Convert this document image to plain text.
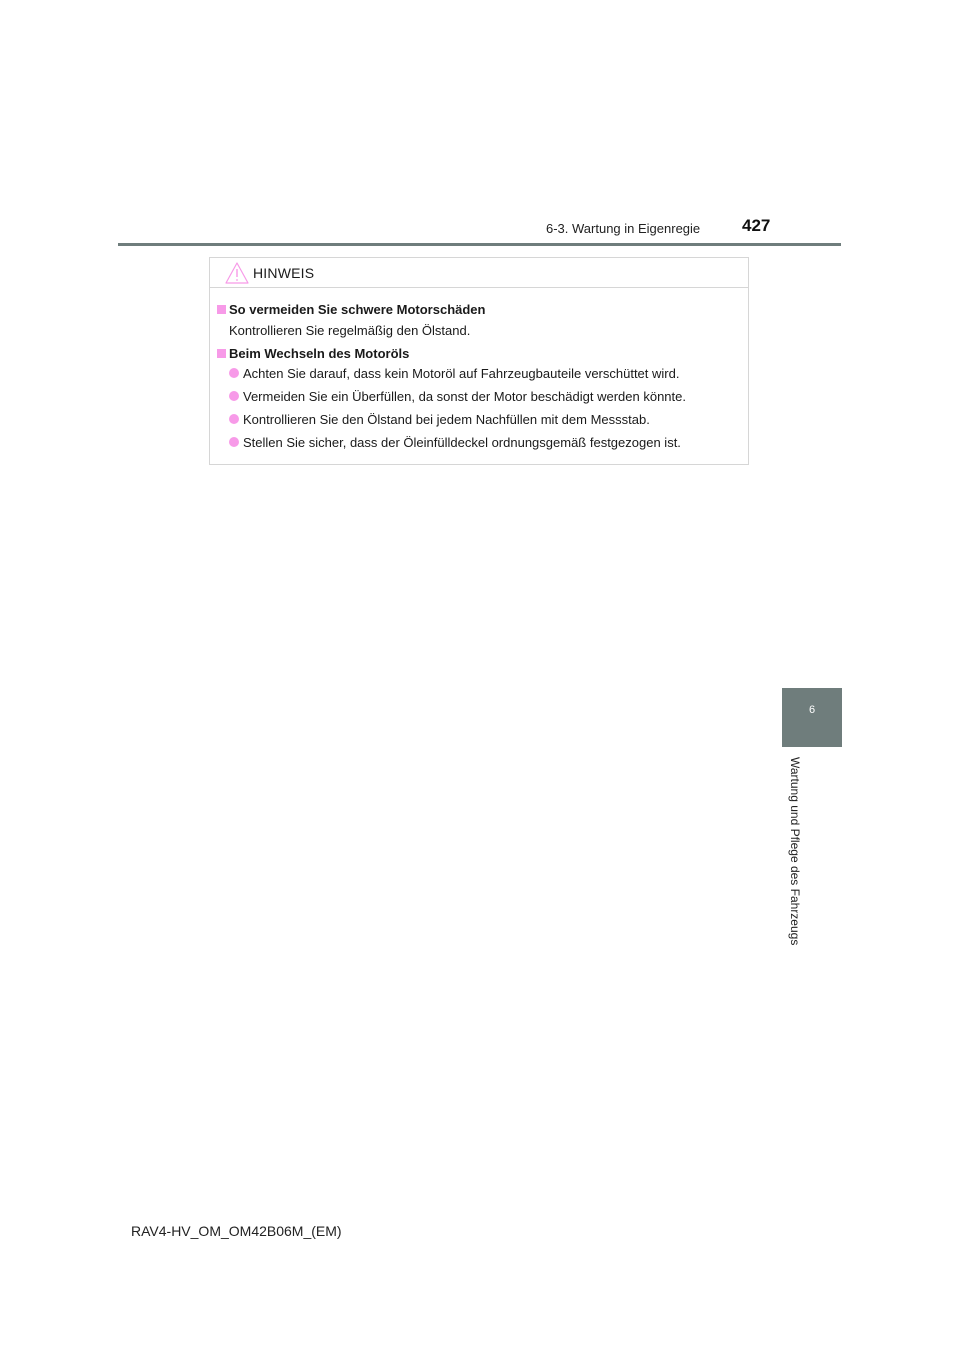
6-3. Wartung in Eigenregie 427
HINWEIS
So vermeiden Sie schwere Motorschäden
Kontrollieren Sie regelmäßig den Ölstand.
Beim Wechseln des Motoröls
Achten Sie darauf, dass kein Motoröl auf Fahrzeugbauteile verschüttet wird.
Vermeiden Sie ein Überfüllen, da sonst der Motor beschädigt werden könnte.
Kontrollieren Sie den Ölstand bei jedem Nachfüllen mit dem Messstab.
Stellen Sie sicher, dass der Öleinfülldeckel ordnungsgemäß festgezogen ist.
6
Wartung und Pflege des Fahrzeugs
RAV4-HV_OM_OM42B06M_(EM)
